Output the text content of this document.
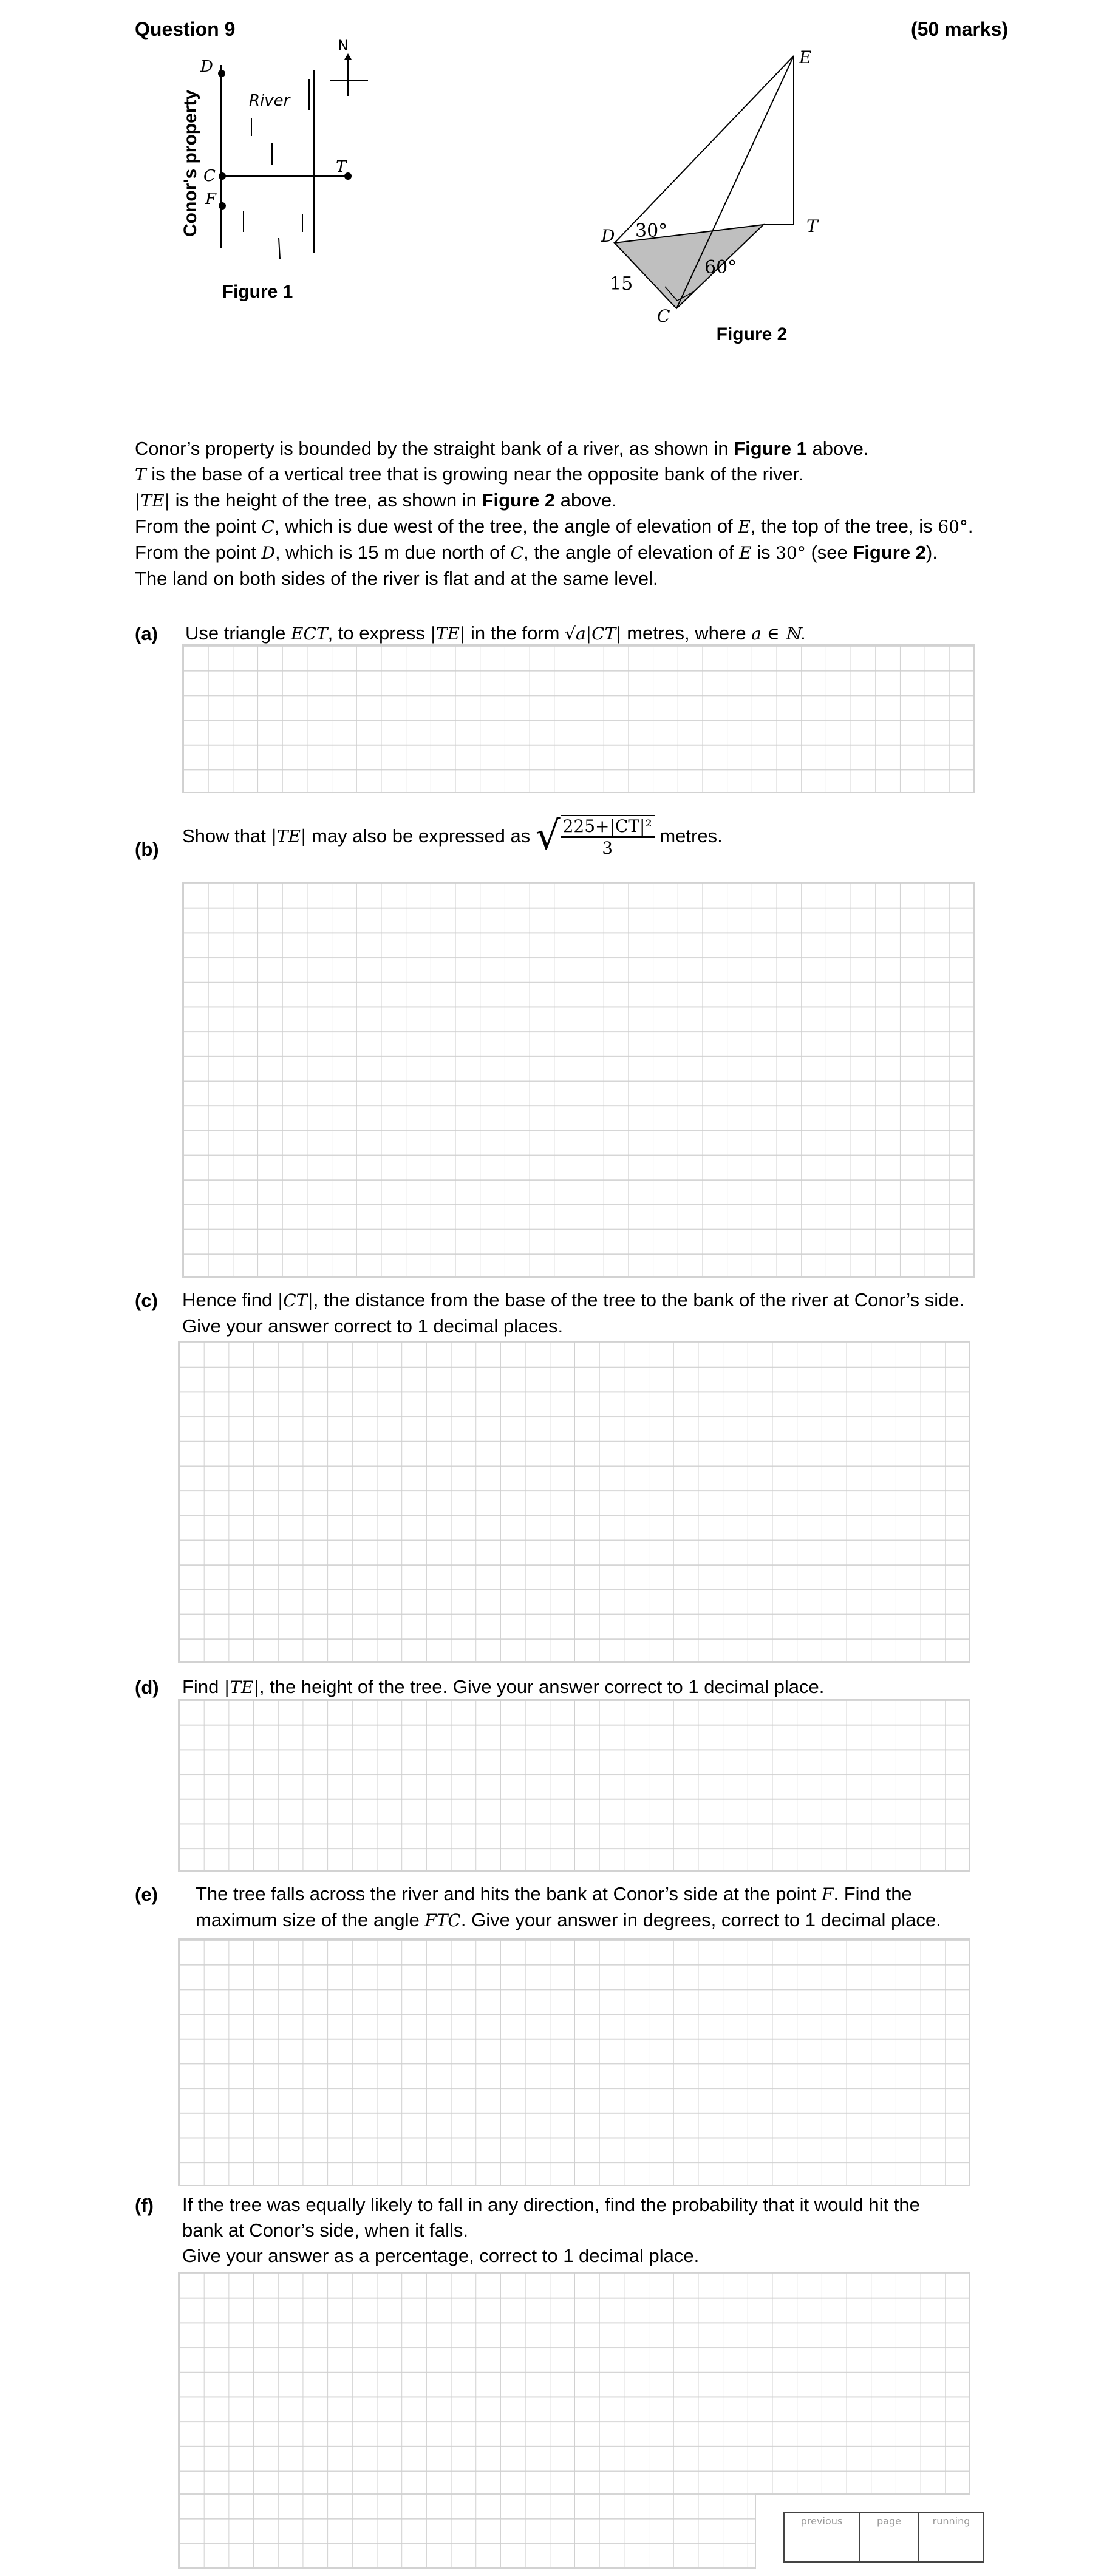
Question 9	(50 marks)
N
D
C
F
T
River
Conor's property
Figure 1
E
T
D
C
30°
60°
15
Figure 2

Conor’s property is bounded by the straight bank of a river, as shown in Figure 1 above.

T is the base of a vertical tree that is growing near the opposite bank of the river.

|TE| is the height of the tree, as shown in Figure 2 above.

From the point C, which is due west of the tree, the angle of elevation of E, the top of the tree, is 60°.

From the point D, which is 15 m due north of C, the angle of elevation of E is 30° (see Figure 2).

The land on both sides of the river is flat and at the same level.

(a) Use triangle ECT, to express |TE| in the form √a|CT| metres, where a ∈ ℕ.
(b)
Show that |TE| may also be expressed as √ $\frac{\text{225+|CT|²}}{3}$ metres.
(c) Hence find |CT|, the distance from the base of the tree to the bank of the river at Conor’s side.
Give your answer correct to 1 decimal places.
(d) Find |TE|, the height of the tree. Give your answer correct to 1 decimal place.
(e) The tree falls across the river and hits the bank at Conor’s side at the point F. Find the
maximum size of the angle FTC. Give your answer in degrees, correct to 1 decimal place.
(f) If the tree was equally likely to fall in any direction, find the probability that it would hit the
bank at Conor’s side, when it falls.
Give your answer as a percentage, correct to 1 decimal place.
previous	page	running
